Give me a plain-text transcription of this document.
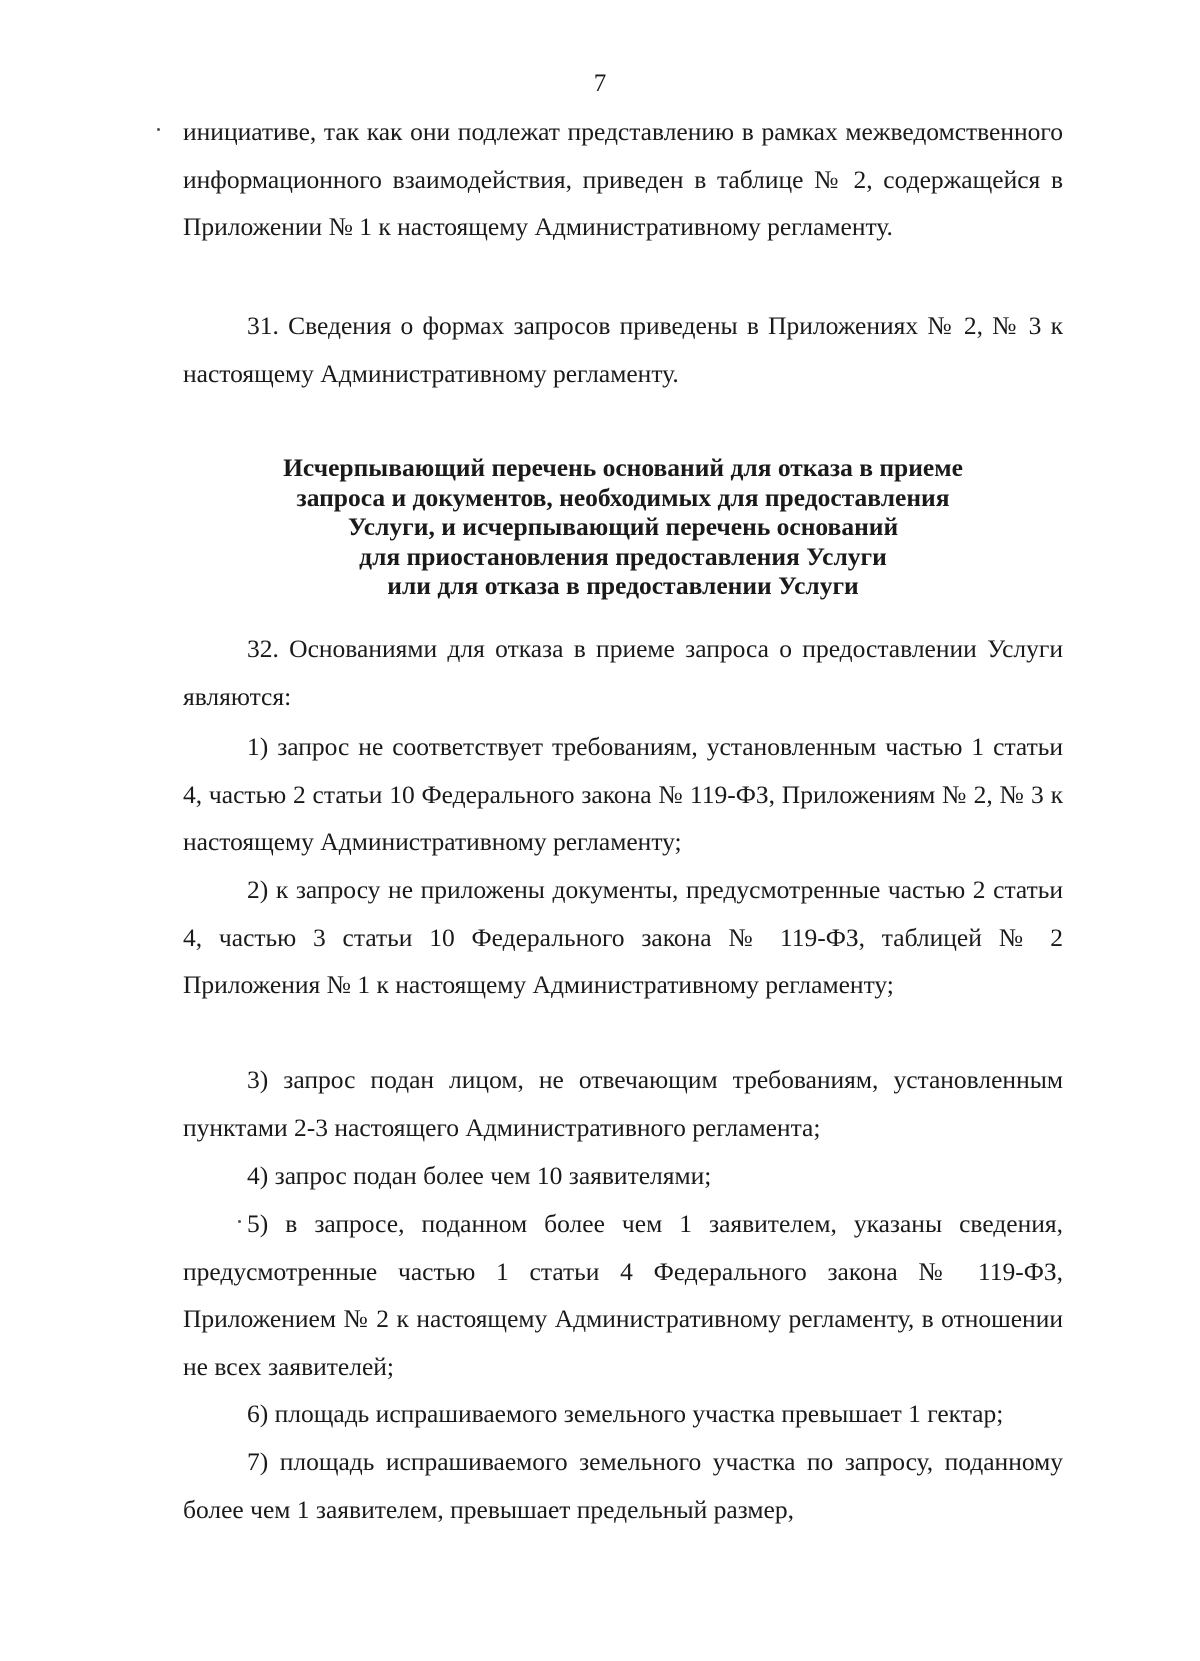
7

инициативе, так как они подлежат представлению в рамках межведомственного информационного взаимодействия, приведен в таблице № 2, содержащейся в Приложении № 1 к настоящему Административному регламенту.

31. Сведения о формах запросов приведены в Приложениях № 2, № 3 к настоящему Административному регламенту.

Исчерпывающий перечень оснований для отказа в приеме
запроса и документов, необходимых для предоставления
Услуги, и исчерпывающий перечень оснований
для приостановления предоставления Услуги
или для отказа в предоставлении Услуги

32. Основаниями для отказа в приеме запроса о предоставлении Услуги являются:

1) запрос не соответствует требованиям, установленным частью 1 статьи 4, частью 2 статьи 10 Федерального закона № 119-ФЗ, Приложениям № 2, № 3 к настоящему Административному регламенту;

2) к запросу не приложены документы, предусмотренные частью 2 статьи 4, частью 3 статьи 10 Федерального закона № 119-ФЗ, таблицей № 2 Приложения № 1 к настоящему Административному регламенту;

3) запрос подан лицом, не отвечающим требованиям, установленным пунктами 2-3 настоящего Административного регламента;

4) запрос подан более чем 10 заявителями;

5) в запросе, поданном более чем 1 заявителем, указаны сведения, предусмотренные частью 1 статьи 4 Федерального закона № 119-ФЗ, Приложением № 2 к настоящему Административному регламенту, в отношении не всех заявителей;

6) площадь испрашиваемого земельного участка превышает 1 гектар;

7) площадь испрашиваемого земельного участка по запросу, поданному более чем 1 заявителем, превышает предельный размер,
